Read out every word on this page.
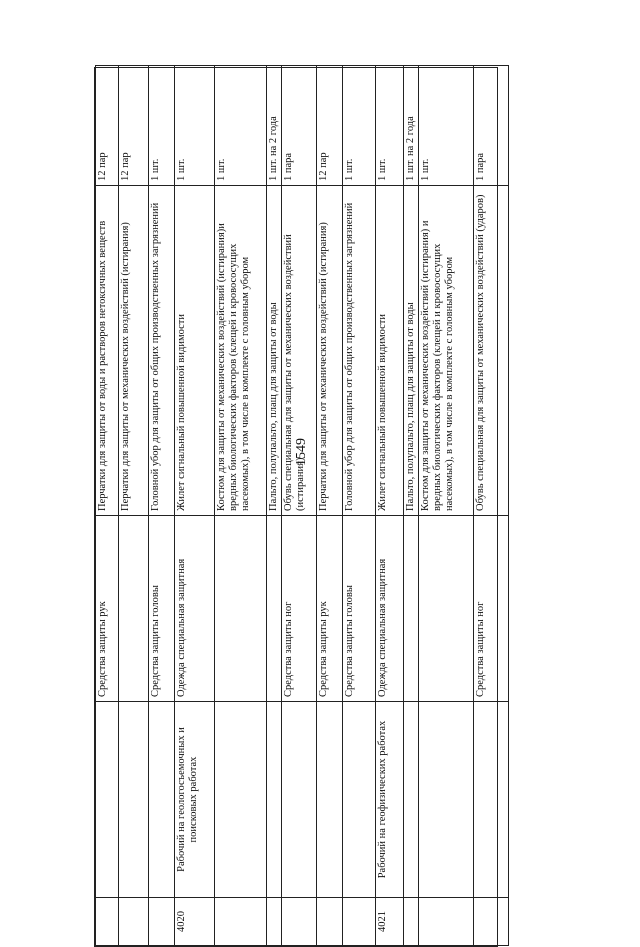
1549
		Средства защиты рук	Перчатки для защиты от воды и растворов нетоксичных веществ	12 пар
			Перчатки для защиты от механических воздействий (истирания)	12 пар
		Средства защиты головы	Головной убор для защиты от общих производственных загрязнений	1 шт.
4020	Рабочий на геологосъемочных и поисковых работах	Одежда специальная защитная	Жилет сигнальный повышенной видимости	1 шт.
			Костюм для защиты от механических воздействий (истирания)и вредных биологических факторов (клещей и кровососущих насекомых), в том числе в комплекте с головным убором	1 шт.
			Пальто, полупальто, плащ для защиты от воды	1 шт. на 2 года
		Средства защиты ног	Обувь специальная для защиты от механических воздействий (истирания)	1 пара
		Средства защиты рук	Перчатки для защиты от механических воздействий (истирания)	12 пар
		Средства защиты головы	Головной убор для защиты от общих производственных загрязнений	1 шт.
4021	Рабочий на геофизических работах	Одежда специальная защитная	Жилет сигнальный повышенной видимости	1 шт.
			Пальто, полупальто, плащ для защиты от воды	1 шт. на 2 года
			Костюм для защиты от механических воздействий (истирания) и вредных биологических факторов (клещей и кровососущих насекомых), в том числе в комплекте с головным убором	1 шт.
		Средства защиты ног	Обувь специальная для защиты от механических воздействий (ударов)	1 пара
